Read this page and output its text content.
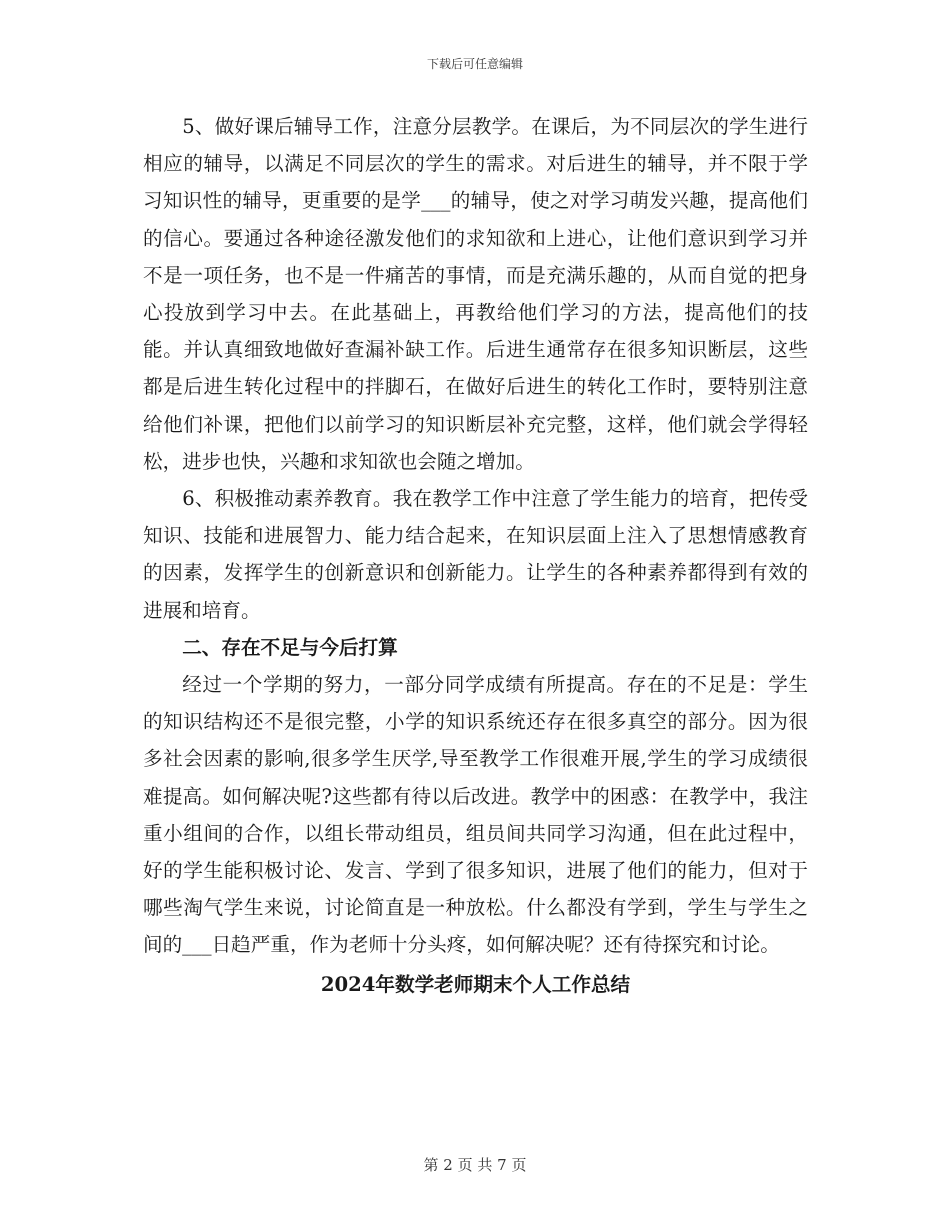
下载后可任意编辑

5、做好课后辅导工作，注意分层教学。在课后，为不同层次的学生进行相应的辅导，以满足不同层次的学生的需求。对后进生的辅导，并不限于学习知识性的辅导，更重要的是学___的辅导，使之对学习萌发兴趣，提高他们的信心。要通过各种途径激发他们的求知欲和上进心，让他们意识到学习并不是一项任务，也不是一件痛苦的事情，而是充满乐趣的，从而自觉的把身心投放到学习中去。在此基础上，再教给他们学习的方法，提高他们的技能。并认真细致地做好查漏补缺工作。后进生通常存在很多知识断层，这些都是后进生转化过程中的拌脚石，在做好后进生的转化工作时，要特别注意给他们补课，把他们以前学习的知识断层补充完整，这样，他们就会学得轻松，进步也快，兴趣和求知欲也会随之增加。

6、积极推动素养教育。我在教学工作中注意了学生能力的培育，把传受知识、技能和进展智力、能力结合起来，在知识层面上注入了思想情感教育的因素，发挥学生的创新意识和创新能力。让学生的各种素养都得到有效的进展和培育。

二、存在不足与今后打算

经过一个学期的努力，一部分同学成绩有所提高。存在的不足是：学生的知识结构还不是很完整，小学的知识系统还存在很多真空的部分。因为很多社会因素的影响,很多学生厌学,导至教学工作很难开展,学生的学习成绩很难提高。如何解决呢?这些都有待以后改进。教学中的困惑：在教学中，我注重小组间的合作，以组长带动组员，组员间共同学习沟通，但在此过程中，好的学生能积极讨论、发言、学到了很多知识，进展了他们的能力，但对于哪些淘气学生来说，讨论简直是一种放松。什么都没有学到，学生与学生之间的___日趋严重，作为老师十分头疼，如何解决呢？还有待探究和讨论。

2024年数学老师期末个人工作总结

第 2 页 共 7 页
